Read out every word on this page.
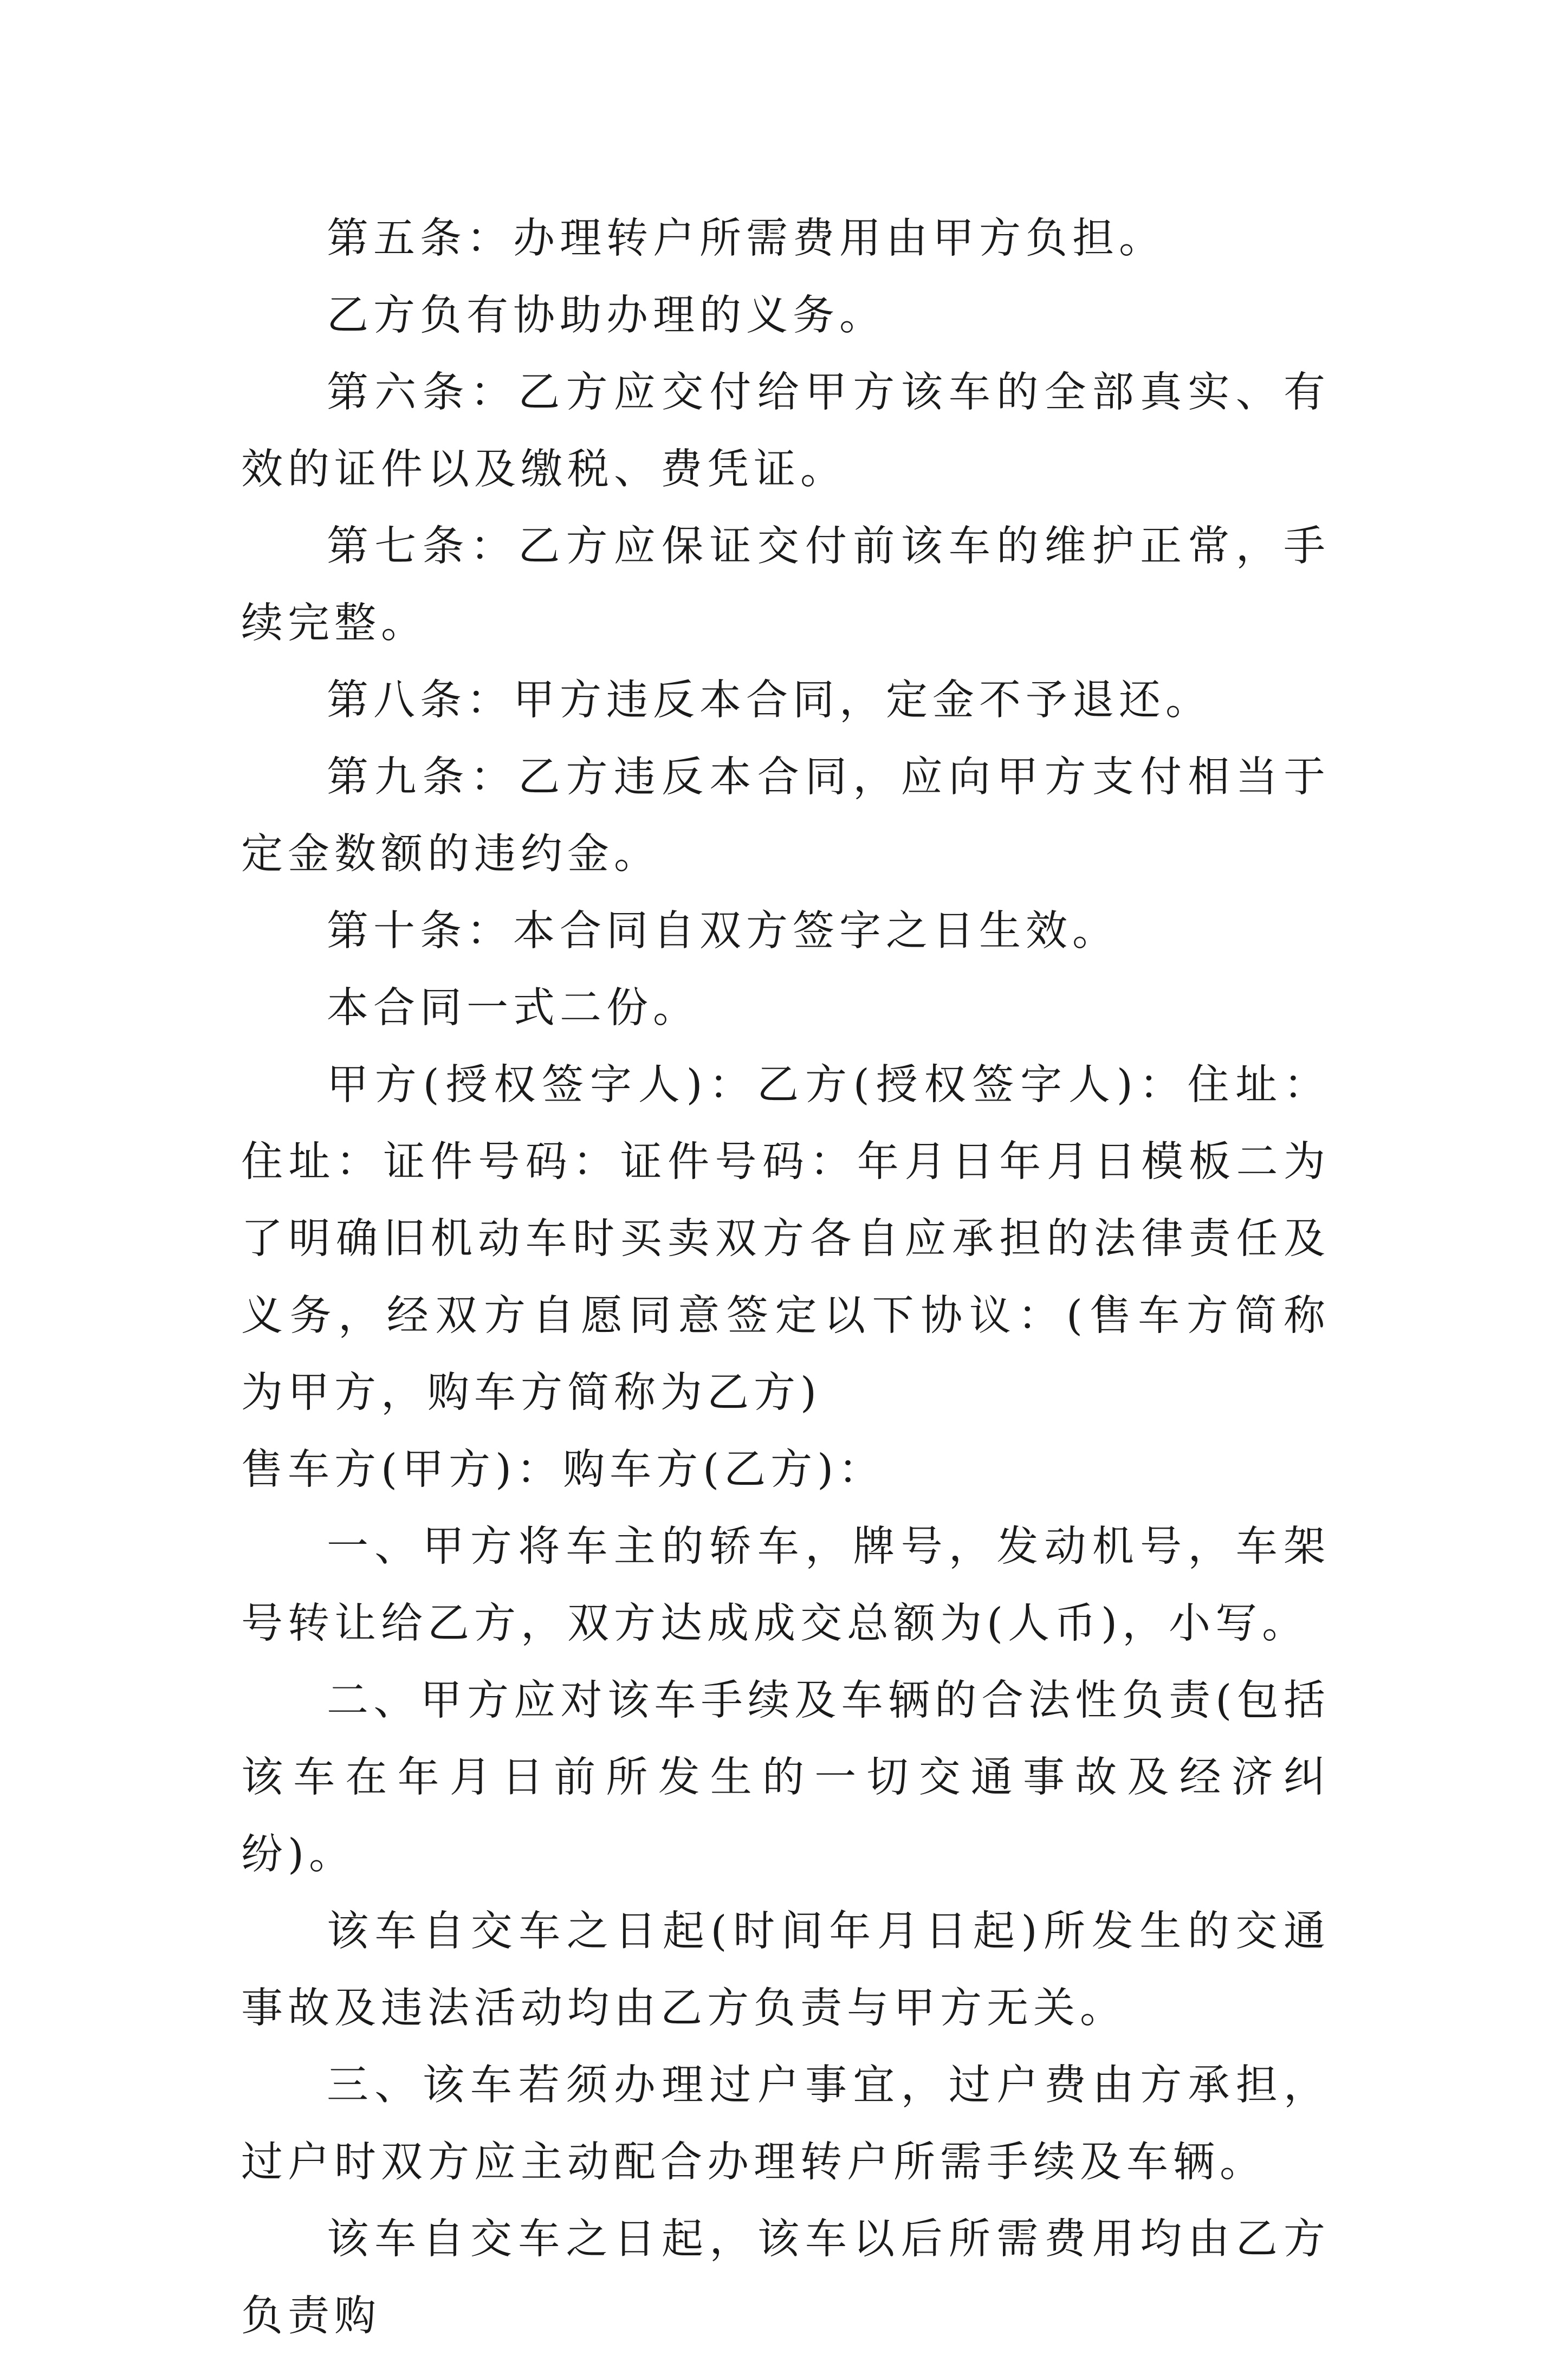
第五条：办理转户所需费用由甲方负担。

乙方负有协助办理的义务。

第六条：乙方应交付给甲方该车的全部真实、有效的证件以及缴税、费凭证。

第七条：乙方应保证交付前该车的维护正常，手续完整。

第八条：甲方违反本合同，定金不予退还。

第九条：乙方违反本合同，应向甲方支付相当于定金数额的违约金。

第十条：本合同自双方签字之日生效。

本合同一式二份。

甲方(授权签字人)：乙方(授权签字人)：住址：住址：证件号码：证件号码：年月日年月日模板二为了明确旧机动车时买卖双方各自应承担的法律责任及义务，经双方自愿同意签定以下协议：(售车方简称为甲方，购车方简称为乙方)

售车方(甲方)：购车方(乙方)：

一、甲方将车主的轿车，牌号，发动机号，车架号转让给乙方，双方达成成交总额为(人币)，小写。

二、甲方应对该车手续及车辆的合法性负责(包括该车在年月日前所发生的一切交通事故及经济纠纷)。

该车自交车之日起(时间年月日起)所发生的交通事故及违法活动均由乙方负责与甲方无关。

三、该车若须办理过户事宜，过户费由方承担，过户时双方应主动配合办理转户所需手续及车辆。

该车自交车之日起，该车以后所需费用均由乙方负责购
